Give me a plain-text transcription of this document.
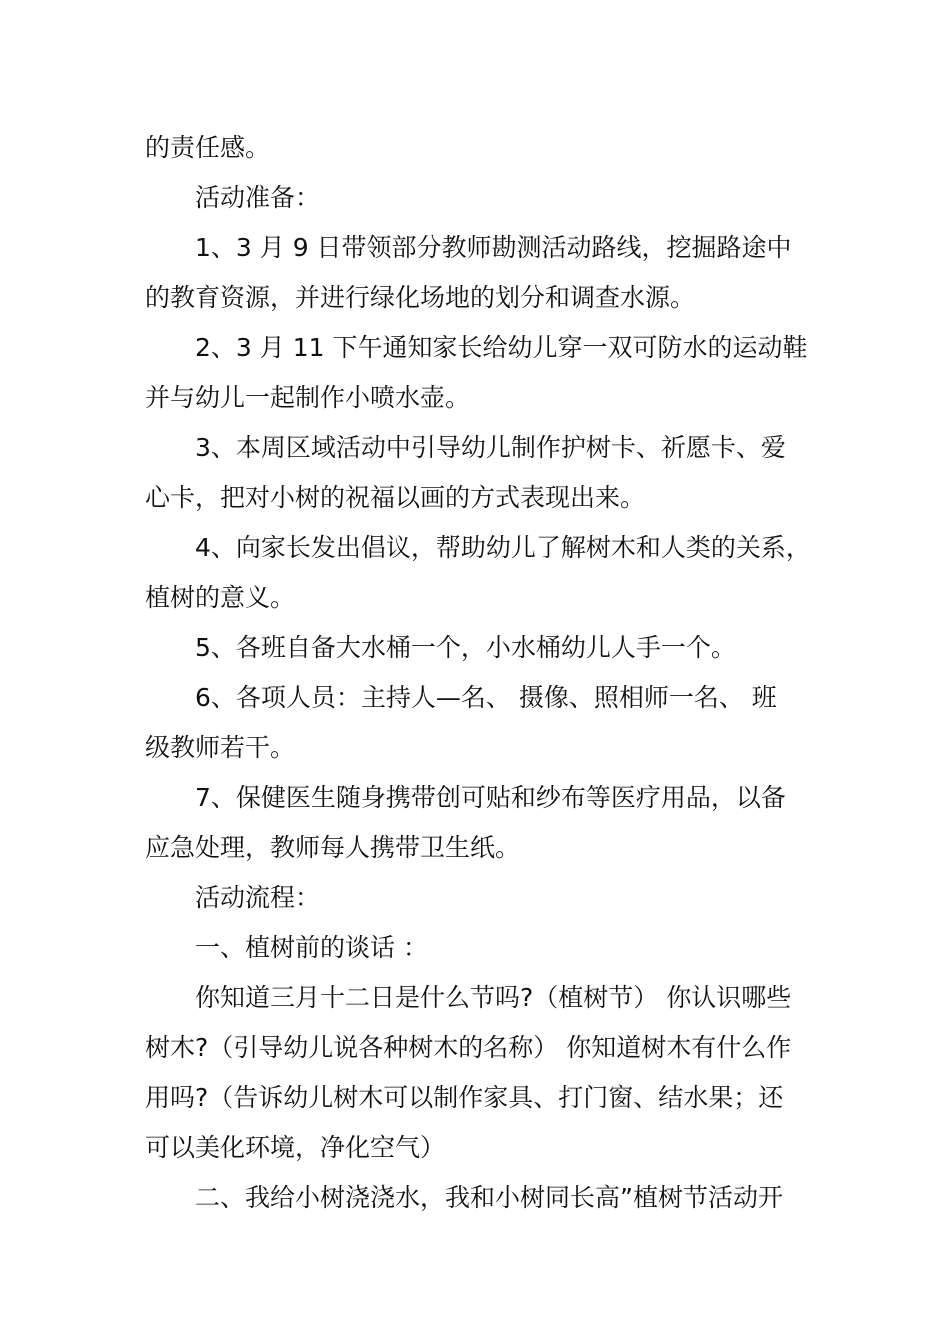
的责任感。
活动准备：
1、3 月 9 日带领部分教师勘测活动路线，挖掘路途中
的教育资源，并进行绿化场地的划分和调查水源。
2、3 月 11 下午通知家长给幼儿穿一双可防水的运动鞋
并与幼儿一起制作小喷水壶。
3、本周区域活动中引导幼儿制作护树卡、祈愿卡、爱
心卡，把对小树的祝福以画的方式表现出来。
4、向家长发出倡议，帮助幼儿了解树木和人类的关系，
植树的意义。
5、各班自备大水桶一个，小水桶幼儿人手一个。
6、各项人员：主持人—名、 摄像、照相师一名、 班
级教师若干。
7、保健医生随身携带创可贴和纱布等医疗用品，以备
应急处理，教师每人携带卫生纸。
活动流程：
一、植树前的谈话 ：
你知道三月十二日是什么节吗?（植树节） 你认识哪些
树木?（引导幼儿说各种树木的名称） 你知道树木有什么作
用吗?（告诉幼儿树木可以制作家具、打门窗、结水果；还
可以美化环境，净化空气）
二、我给小树浇浇水，我和小树同长高”植树节活动开
